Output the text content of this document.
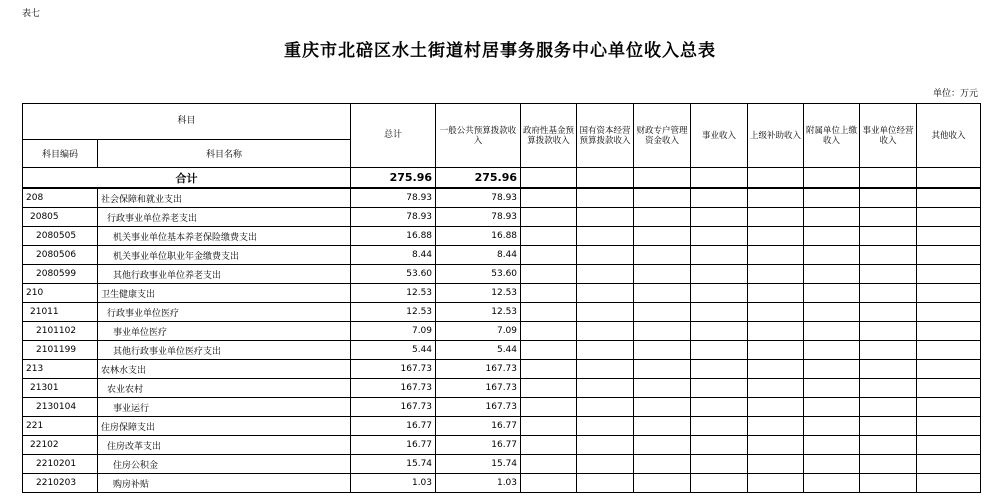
表七
重庆市北碚区水土街道村居事务服务中心单位收入总表
单位：万元
科目		总计	一般公共预算拨款收入	政府性基金预算拨款收入	国有资本经营预算拨款收入	财政专户管理资金收入	事业收入	上级补助收入	附属单位上缴收入	事业单位经营收入	其他收入
科目编码	科目名称										
合计		275.96	275.96								
208	社会保障和就业支出	78.93	78.93								
20805	行政事业单位养老支出	78.93	78.93								
2080505	机关事业单位基本养老保险缴费支出	16.88	16.88								
2080506	机关事业单位职业年金缴费支出	8.44	8.44								
2080599	其他行政事业单位养老支出	53.60	53.60								
210	卫生健康支出	12.53	12.53								
21011	行政事业单位医疗	12.53	12.53								
2101102	事业单位医疗	7.09	7.09								
2101199	其他行政事业单位医疗支出	5.44	5.44								
213	农林水支出	167.73	167.73								
21301	农业农村	167.73	167.73								
2130104	事业运行	167.73	167.73								
221	住房保障支出	16.77	16.77								
22102	住房改革支出	16.77	16.77								
2210201	住房公积金	15.74	15.74								
2210203	购房补贴	1.03	1.03								
